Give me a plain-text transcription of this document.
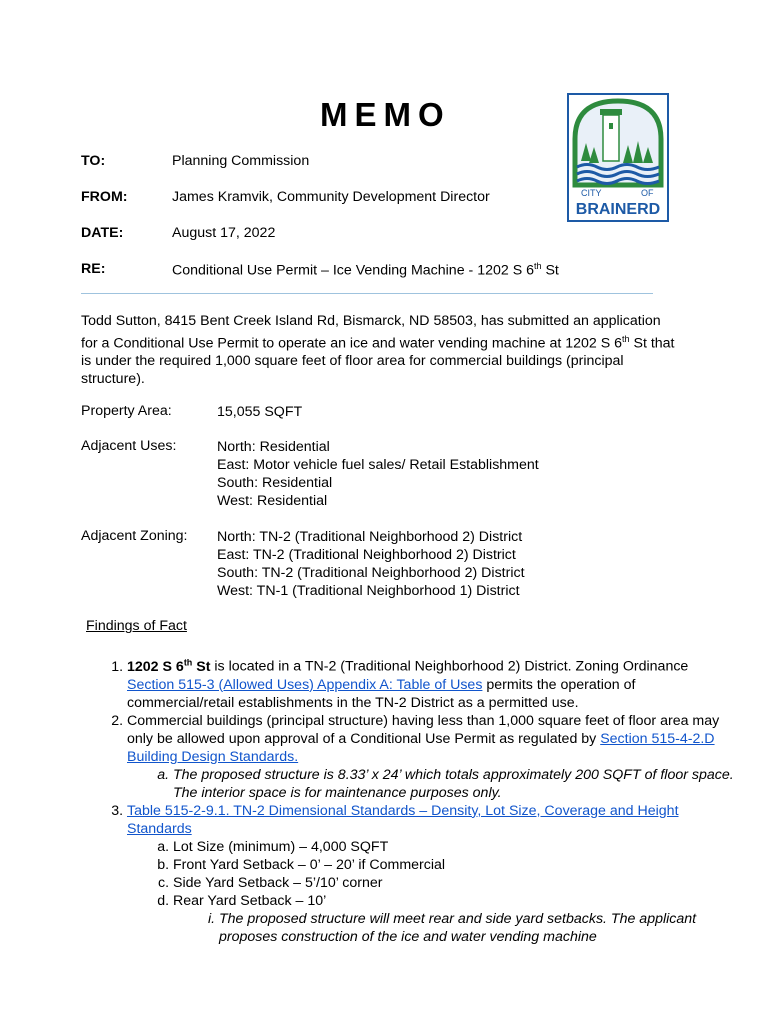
MEMO
CITY	OF
BRAINERD
TO:	Planning Commission
FROM:	James Kramvik, Community Development Director
DATE:	August 17, 2022
RE:	Conditional Use Permit – Ice Vending Machine - 1202 S 6th St
Todd Sutton, 8415 Bent Creek Island Rd, Bismarck, ND 58503, has submitted an application for a Conditional Use Permit to operate an ice and water vending machine at 1202 S 6th St that is under the required 1,000 square feet of floor area for commercial buildings (principal structure).
Property Area:	15,055 SQFT
Adjacent Uses:	North: Residential
East: Motor vehicle fuel sales/ Retail Establishment
South: Residential
West: Residential
Adjacent Zoning: North: TN-2 (Traditional Neighborhood 2) District
East: TN-2 (Traditional Neighborhood 2) District
South: TN-2 (Traditional Neighborhood 2) District
West: TN-1 (Traditional Neighborhood 1) District
Findings of Fact
1. 1202 S 6th St is located in a TN-2 (Traditional Neighborhood 2) District. Zoning Ordinance Section 515-3 (Allowed Uses) Appendix A: Table of Uses permits the operation of commercial/retail establishments in the TN-2 District as a permitted use.
2. Commercial buildings (principal structure) having less than 1,000 square feet of floor area may only be allowed upon approval of a Conditional Use Permit as regulated by Section 515-4-2.D Building Design Standards.
a. The proposed structure is 8.33’ x 24’ which totals approximately 200 SQFT of floor space. The interior space is for maintenance purposes only.
3. Table 515-2-9.1. TN-2 Dimensional Standards – Density, Lot Size, Coverage and Height Standards
a. Lot Size (minimum) – 4,000 SQFT
b. Front Yard Setback – 0’ – 20’ if Commercial
c. Side Yard Setback – 5’/10’ corner
d. Rear Yard Setback – 10’
i. The proposed structure will meet rear and side yard setbacks. The applicant proposes construction of the ice and water vending machine
